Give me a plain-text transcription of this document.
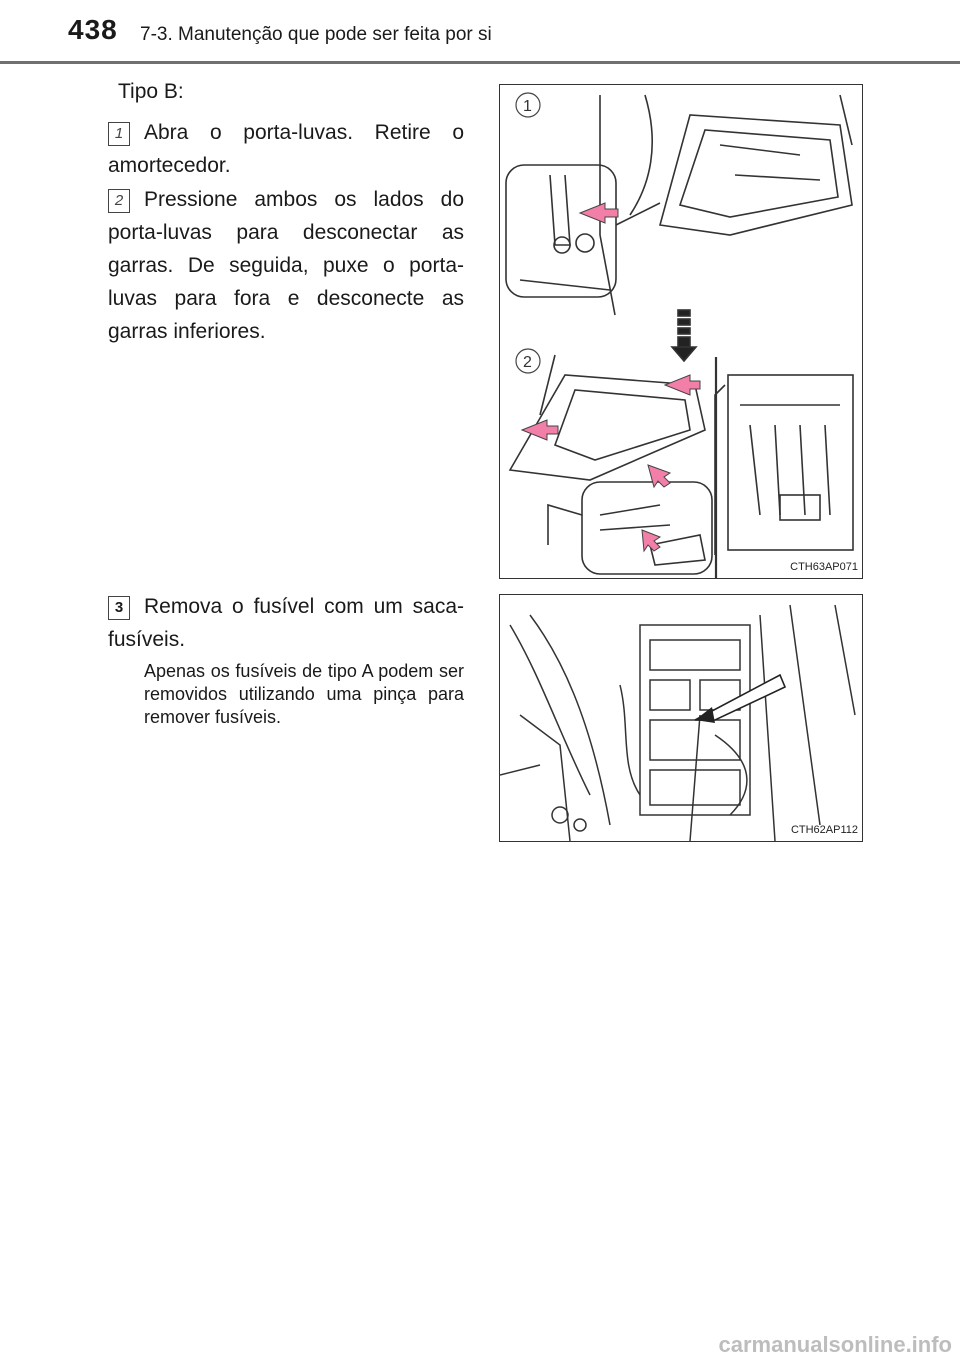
438 7-3. Manutenção que pode ser feita por si
Tipo B:
1 Abra o porta-luvas. Retire o amortecedor.
2 Pressione ambos os lados do porta-luvas para desconectar as garras. De seguida, puxe o porta-luvas para fora e desconecte as garras inferiores.
3 Remova o fusível com um saca-fusíveis.
Apenas os fusíveis de tipo A podem ser removidos utilizando uma pinça para remover fusíveis.
1
2
CTH63AP071
CTH62AP112
carmanualsonline.info
